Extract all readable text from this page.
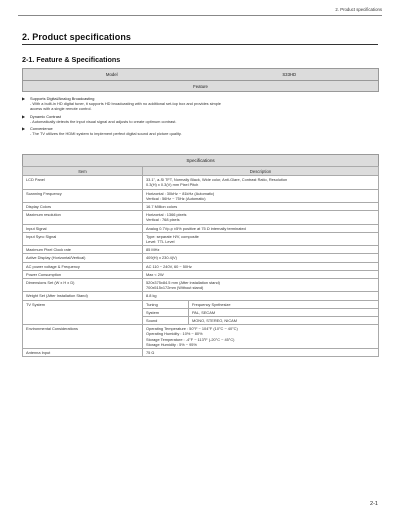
2. Product specifications
2. Product specifications
2-1. Feature & Specifications
Model	S33HD
Feature
▶	Supports Digital/Analog Broadcasting
- With a built-in HD digital tuner, it supports HD broadcasting with no additional set-top box and provides simple
access with a single remote control.
▶	Dynamic Contrast
- Automatically detects the input visual signal and adjusts to create optimum contrast.
▶	Convenience
- The TV utilizes the HDMI system to implement perfect digital sound and picture quality.
Specifications
Item	Description	
LCD Panel	33.1", a-Si TFT, Normally Black, Wide color, Anti-Glare, Contrast Ratio, Resolution
0.3(H) x 0.3(V) mm Pixel Pitch	

Scanning Frequency	Horizontal : 30kHz ~ 81kHz (Automatic)
Vertical : 56Hz ~ 75Hz (Automatic)	

Display Colors	16.7 Million colors	

Maximum resolution	Horizontal : 1366 pixels
Vertical : 768 pixels	

Input Signal	Analog 0.7Vp-p ±5% positive at 75 Ω internally terminated	

Input Sync Signal	Type: separate H/V, composite
Level: TTL Level	

Maximum Pixel Clock rate	85 MHz	

Active Display (Horizontal/Vertical)	409(H) x 230.4(V)	

AC power voltage & Frequency	AC 110 ~ 240V, 60 ~ 50Hz	

Power Consumption	Max < 2W	

Dimensions Set (W x H x D)	520x375x84.5 mm (After installation stand)
700x515x172mm (Without stand)	

Weight Set (After Installation Stand)	8.8 kg	

TV System	Tuning	Frequency Synthesize
	System	PAL, SECAM
	Sound	MONO, STEREO, NICAM
Environmental Considerations	Operating Temperature : 50°F ~ 104°F (10°C ~ 40°C)
Operating Humidity : 10% ~ 80%
Storage Temperature : -4°F ~ 113°F (-20°C ~ 45°C)
Storage Humidity : 5% ~ 95%	

Antenna Input	75 Ω	
2-1
